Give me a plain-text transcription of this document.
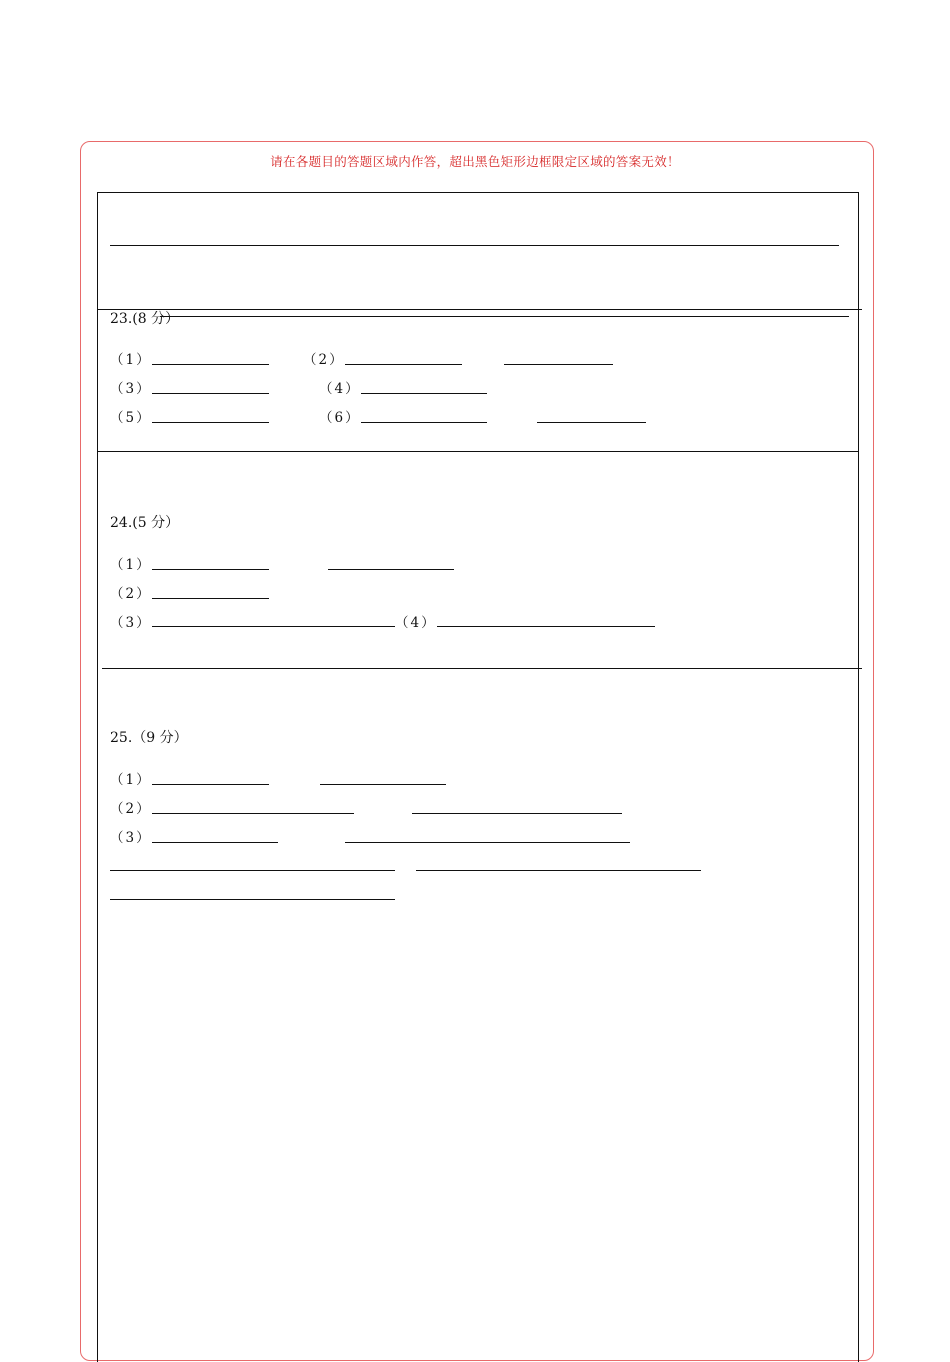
请在各题目的答题区域内作答，超出黑色矩形边框限定区域的答案无效！
23.(8 分）
（1）	（2）
（3）	（4）
（5）	（6）
24.(5 分）
（1）
（2）
（3）	（4）
25.（9 分）
（1）
（2）
（3）
